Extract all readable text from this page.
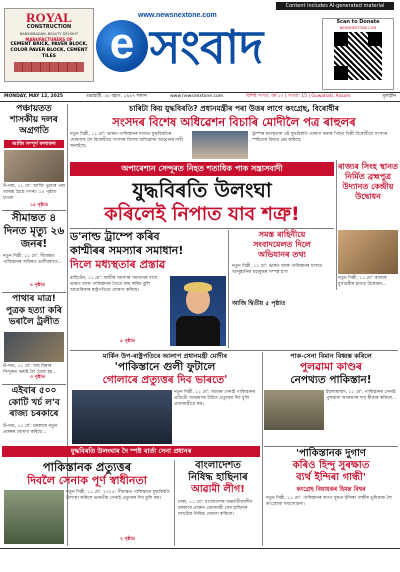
Content includes AI-generated material
ROYAL
CONSTRUCTION
BANSHIBADAN, BEAUTY DELIGHT
MANUFACTURERS OF
CEMENT BRICK, PAVER BLOCK, COLOR PAVER BLOCK, CEMENT TILES
www.newsnextone.com
e সংবাদ	Scan to Donate
NEWSNEXTONE.COM
MONDAY, MAY 12, 2025	গুৱাহাটী, ২৮ বহাগ, ১৯৪৭ শকাব্দ	www.newsnextone.com	বিশিষ্ট সংখ্যা, বৰ্ষ ১০ | সংখ্যা: 15 | Guwahati, Assam	মূল্যহীন
চাৰিটা কিয় যুদ্ধবিৰতি? প্ৰধানমন্ত্ৰীৰ পৰা উত্তৰ লাগে কংগ্ৰেছ, বিৰোধীৰ
সংসদৰ বিশেষ অধিৱেশন বিচাৰি মোদীলৈ পত্ৰ ৰাহুলৰ
নতুন দিল্লী, ১১ মে': ভাৰত-পাকিস্তানৰ মাজত যুদ্ধবিৰতিৰ ঘোষণাক লৈ বিৰোধীয়ে সংসদৰ বিশেষ অধিৱেশন আহ্বানৰ দাবী জনাইছে।
ট্ৰাম্পৰ মধ্যস্থতাৰ এই যুদ্ধবিৰতি ঘোষণা কৰাৰ পিছত দিল্লী বিৰোধীয়ে সংসদৰ স্পষ্টতাৰ বিষয়ে প্ৰশ্ন কৰিছে।
পঞ্চায়তত শাসকীয় দলৰ অগ্ৰগতি
আজি সম্পূৰ্ণ ফলাফল
উ-নাম, ১১ মে': আজি পুৱাৰে পৰা আৰম্ভ হৈছে গণনা। ১৫ পৃষ্ঠাত চাওক
সীমান্তত ৪ দিনত মৃত্যু ২৬ জনৰ!
নতুন দিল্লী, ১১ মে': সীমান্তত পাকিস্তানৰ অবিৰত গুলীবৰ্ষণত...
পাথাৰ মাত্ৰ! পুত্ৰক হত্যা কৰি ভৰালৈ ট্ৰলীত
উ-নাম, ১১ মে': মাছ মিৰাৰ সিন্দুকত ভৰাই লৈ যোৱা হয়...
এইবাৰ ৫০০ কোটি খৰ্চ ল'ব ৰাজ্য চৰকাৰে
উ-নাম, ১১ মে': চৰকাৰে নতুন প্ৰকল্পৰ ঘোষণা কৰিছে...
অপাৰেশ্যন সেন্দূৰত নিহত শতাধিক পাক সন্ত্ৰাসবাদী
যুদ্ধবিৰতি উলংঘা
কৰিলেই নিপাত যাব শত্ৰু!
ৰাজ্যৰ সিংহ স্থানত নিৰ্মিত ব্ৰহ্মপুত্ৰ উদ্যানত কেন্দ্ৰীয় উদ্বোধন
ড'নাল্ড ট্ৰাম্পে কৰিব
কাশ্মীৰৰ সমস্যাৰ সমাধান!
দিলে মধ্যস্থতাৰ প্ৰস্তাৱ
ৱাছিংটন, ১১ মে': কাশ্মীৰ সমস্যাৰ সমাধানৰ বাবে ভাৰত আৰু পাকিস্তানৰ সৈতে কাম কৰিব বুলি আমেৰিকাৰ ৰাষ্ট্ৰপতিয়ে ঘোষণা কৰিছে।
সমস্ত ৰাহিনীয়ে
সংবাদমেলত দিলে
অভিযানৰ তথ্য
নতুন দিল্লী, ১১ মে': ভাৰত আৰু পাকিস্তানৰ মাজত আনুষ্ঠানিক মহাযুদ্ধৰ সম্পন্ন হ'ল
আজি দ্বিতীয় ৫ পৃষ্ঠাত
নতুন দিল্লী, ১১ মে': ৰাজ্যৰ মুখ্যমন্ত্ৰীৰ হাতত উদ্বোধন...
মাৰ্কিন উপ-ৰাষ্ট্ৰপতিৰে আলাপ প্ৰধানমন্ত্ৰী মোদীৰ
'পাকিস্তানে গুলী ফুটালে
গোলাৰে প্ৰত্যুত্তৰ দিব ভাৰতে'
নতুন দিল্লী, ১১ মে': আমাৰ সেনাই পাকিস্তানৰ প্ৰতিটো আক্ৰমণৰ উচিত প্ৰত্যুত্তৰ দিব বুলি প্ৰধানমন্ত্ৰীয়ে কয়।
পাক-সেনা বিমান বিধ্বস্ত কৰিলে
পুলৱামা কাণ্ডৰ
নেপথ্যত পাকিস্তান!
ইছলামাবাদ, ১১ মে': পাকিস্তানৰ সেনাই পুলৱামা আক্ৰমণৰ দায় স্বীকাৰ কৰিলে...
'পাকিস্তানক দুগাণ
কৰিও হিন্দু সুৰক্ষাত
ব্যৰ্থ ইন্দিৰা গান্ধী'
কংগ্ৰেছ বিধায়কৰ হিমন্ত বিশ্বৰ
নতুন দিল্লী, ১১ মে': পাকিস্তানৰ লগত যুদ্ধত ইন্দিৰা গান্ধীৰ ভূমিকাক লৈ কংগ্ৰেছক সমালোচনা।
যুদ্ধবিৰতি উলংঘাৰ দৈ স্পষ্ট বাৰ্তা সেনা প্ৰধানৰ
পাকিস্তানক প্ৰত্যুত্তৰ
দিবলৈ সেনাক পূৰ্ণ স্বাধীনতা
নতুন দিল্লী, ১১ মে': ২০২৫: সীমান্তত পাকিস্তানে যুদ্ধবিৰতি উলংঘা কৰিলে ভাৰতীয় সেনাই প্ৰত্যুত্তৰ দিব বুলি কয়।
বাংলাদেশত
নিষিদ্ধ হাছিনাৰ
আৱামী লীগ!
ঢাকা, ১১ মে': বাংলাদেশৰ অন্তৰ্বৰ্তীকালীন চৰকাৰে প্ৰাক্তন প্ৰধানমন্ত্ৰী শ্বেখ হাছিনাৰ দলটোক নিষিদ্ধ ঘোষণা কৰিলে।
১৫ পৃষ্ঠাত
৪ পৃষ্ঠাত
৩ পৃষ্ঠাত
৫ পৃষ্ঠাত
২ পৃষ্ঠাত
